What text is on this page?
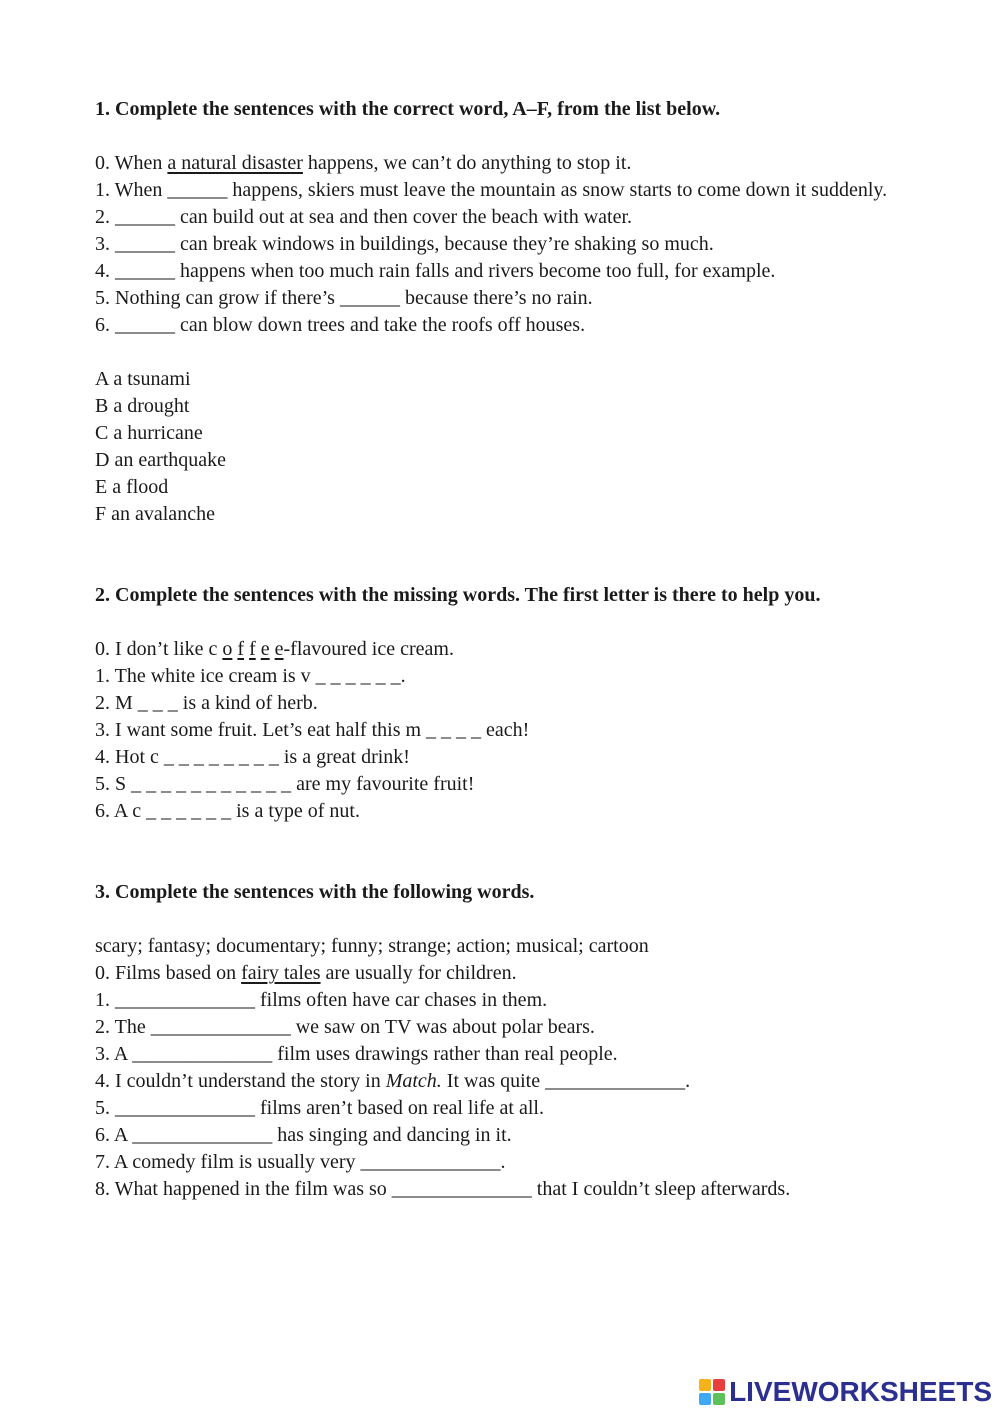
1. Complete the sentences with the correct word, A–F, from the list below.

0. When a natural disaster happens, we can’t do anything to stop it.

1. When ______ happens, skiers must leave the mountain as snow starts to come down it suddenly.

2. ______ can build out at sea and then cover the beach with water.

3. ______ can break windows in buildings, because they’re shaking so much.

4. ______ happens when too much rain falls and rivers become too full, for example.

5. Nothing can grow if there’s ______ because there’s no rain.

6. ______ can blow down trees and take the roofs off houses.

A a tsunami

B a drought

C a hurricane

D an earthquake

E a flood

F an avalanche

2. Complete the sentences with the missing words. The first letter is there to help you.

0. I don’t like c o f f e e-flavoured ice cream.

1. The white ice cream is v _ _ _ _ _ _.

2. M _ _ _ is a kind of herb.

3. I want some fruit. Let’s eat half this m _ _ _ _ each!

4. Hot c _ _ _ _ _ _ _ _ is a great drink!

5. S _ _ _ _ _ _ _ _ _ _ _ are my favourite fruit!

6. A c _ _ _ _ _ _ is a type of nut.

3. Complete the sentences with the following words.

scary; fantasy; documentary; funny; strange; action; musical; cartoon

0. Films based on fairy tales are usually for children.

1. ______________ films often have car chases in them.

2. The ______________ we saw on TV was about polar bears.

3. A ______________ film uses drawings rather than real people.

4. I couldn’t understand the story in Match. It was quite ______________.

5. ______________ films aren’t based on real life at all.

6. A ______________ has singing and dancing in it.

7. A comedy film is usually very ______________.

8. What happened in the film was so ______________ that I couldn’t sleep afterwards.

LIVEWORKSHEETS
